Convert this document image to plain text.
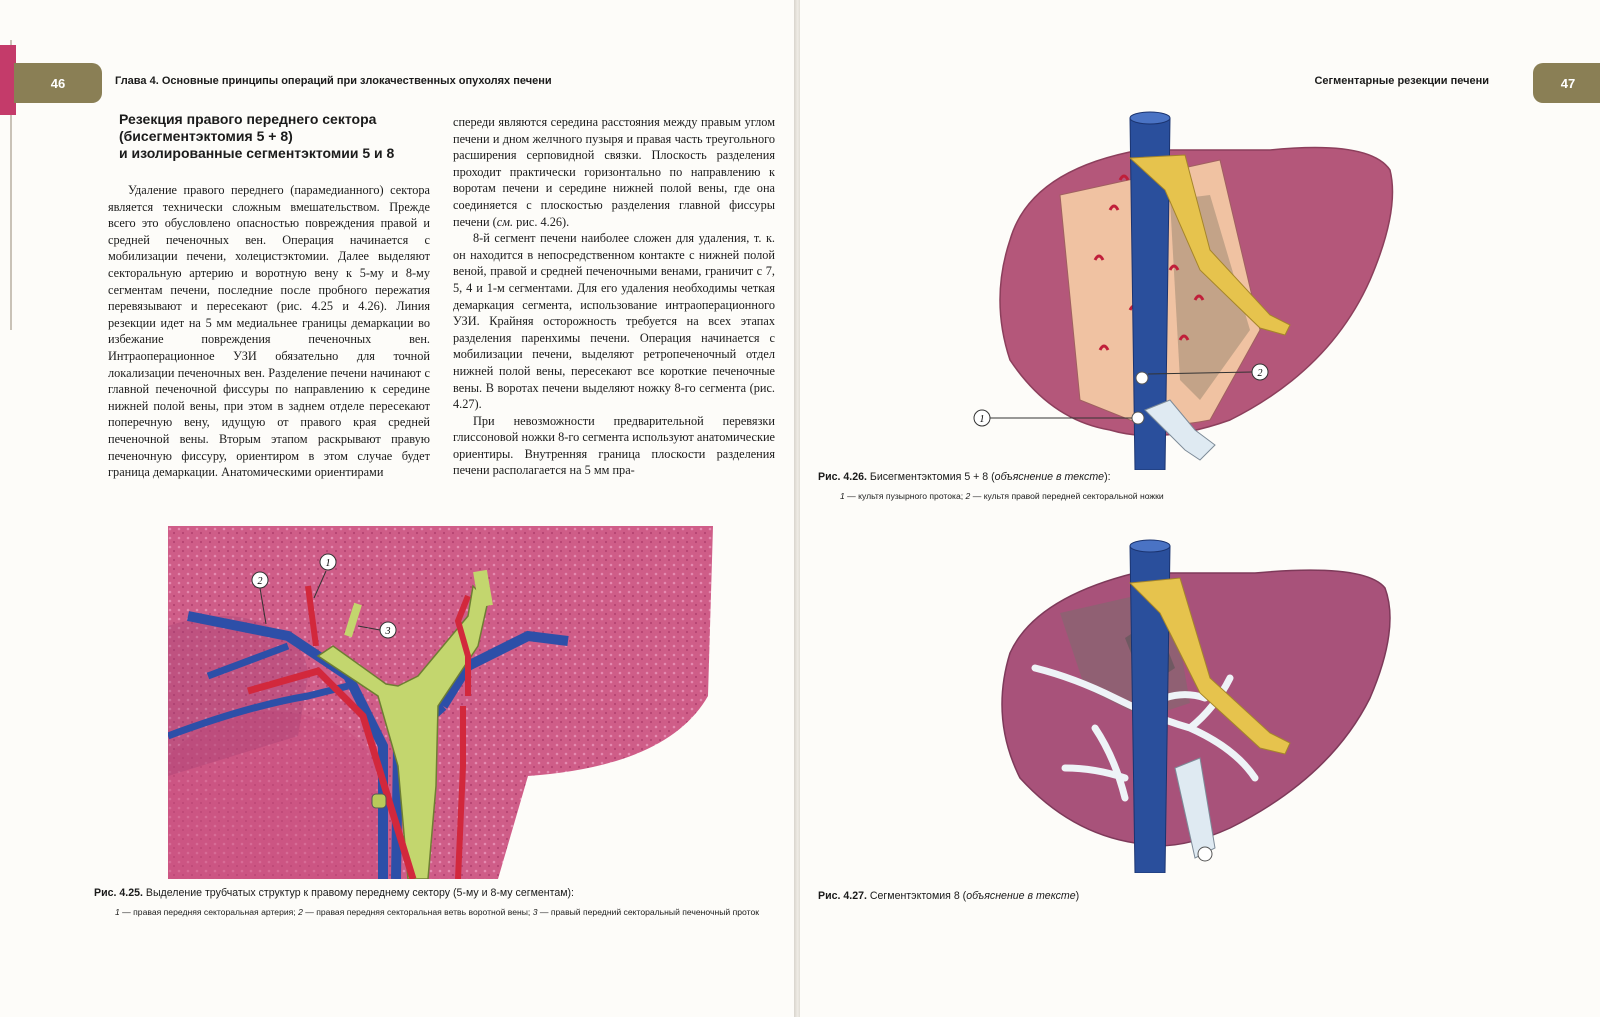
46	Глава 4. Основные принципы операций при злокачественных опухолях печени
Резекция правого переднего сектора
(бисегментэктомия 5 + 8)
и изолированные сегментэктомии 5 и 8

Удаление правого переднего (парамедианного) сектора является технически сложным вмешательством. Прежде всего это обусловлено опасностью повреждения правой и средней печеночных вен. Операция начинается с мобилизации печени, холецистэктомии. Далее выделяют секторальную артерию и воротную вену к 5-му и 8-му сегментам печени, последние после пробного пережатия перевязывают и пересекают (рис. 4.25 и 4.26). Линия резекции идет на 5 мм медиальнее границы демаркации во избежание повреждения печеночных вен. Интраоперационное УЗИ обязательно для точной локализации печеночных вен. Разделение печени начинают с главной печеночной фиссуры по направлению к середине нижней полой вены, при этом в заднем отделе пересекают поперечную вену, идущую от правого края средней печеночной вены. Вторым этапом раскрывают правую печеночную фиссуру, ориентиром в этом случае будет граница демаркации. Анатомическими ориентирами

спереди являются середина расстояния между правым углом печени и дном желчного пузыря и правая часть треугольного расширения серповидной связки. Плоскость разделения проходит практически горизонтально по направлению к воротам печени и середине нижней полой вены, где она соединяется с плоскостью разделения главной фиссуры печени (см. рис. 4.26).

8-й сегмент печени наиболее сложен для удаления, т. к. он находится в непосредственном контакте с нижней полой веной, правой и средней печеночными венами, граничит с 7, 5, 4 и 1-м сегментами. Для его удаления необходимы четкая демаркация сегмента, использование интраоперационного УЗИ. Крайняя осторожность требуется на всех этапах разделения паренхимы печени. Операция начинается с мобилизации печени, выделяют ретропеченочный отдел нижней полой вены, пересекают все короткие печеночные вены. В воротах печени выделяют ножку 8-го сегмента (рис. 4.27).

При невозможности предварительной перевязки глиссоновой ножки 8-го сегмента используют анатомические ориентиры. Внутренняя граница плоскости разделения печени располагается на 5 мм пра-

1
2
3
Рис. 4.25. Выделение трубчатых структур к правому переднему сектору (5-му и 8-му сегментам):
1 — правая передняя секторальная артерия; 2 — правая передняя секторальная ветвь воротной вены; 3 — правый передний секторальный печеночный проток
Сегментарные резекции печени	47
1
2
Рис. 4.26. Бисегментэктомия 5 + 8 (объяснение в тексте):
1 — культя пузырного протока; 2 — культя правой передней секторальной ножки
Рис. 4.27. Сегментэктомия 8 (объяснение в тексте)
